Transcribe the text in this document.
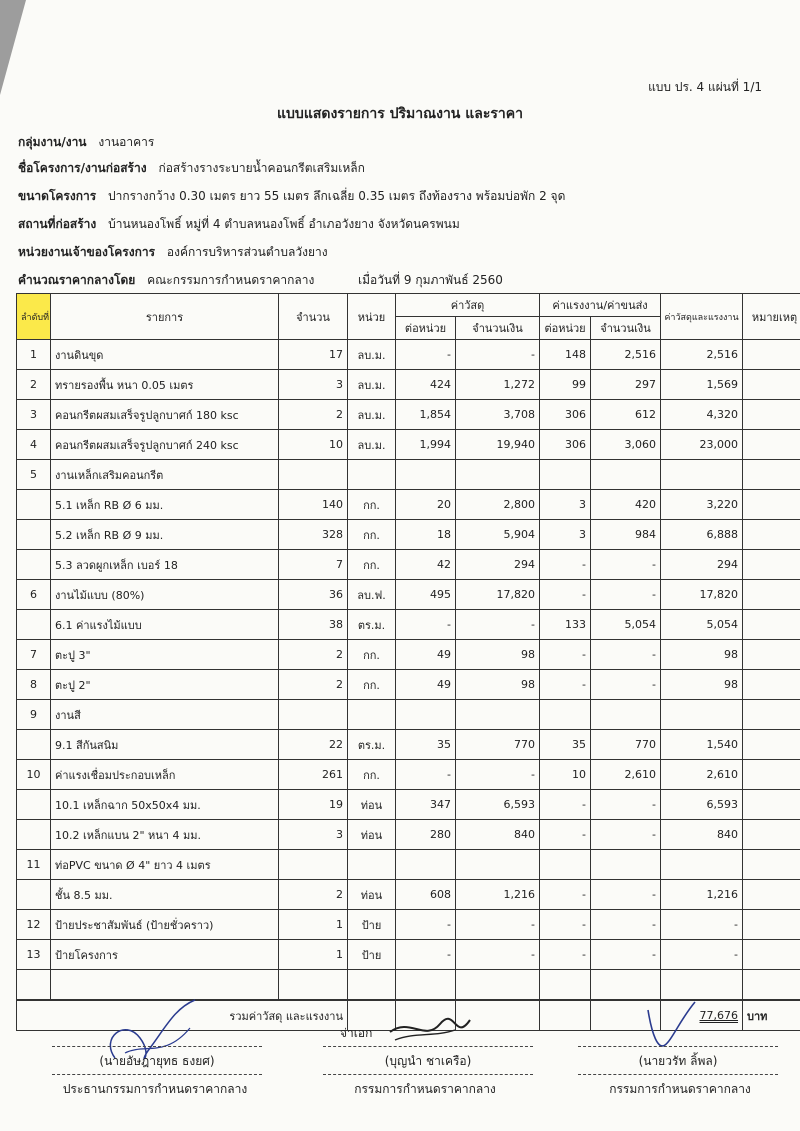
แบบ ปร. 4 แผ่นที่ 1/1
แบบแสดงรายการ ปริมาณงาน และราคา
กลุ่มงาน/งาน งานอาคาร
ชื่อโครงการ/งานก่อสร้าง ก่อสร้างรางระบายน้ำคอนกรีตเสริมเหล็ก
ขนาดโครงการ ปากรางกว้าง 0.30 เมตร ยาว 55 เมตร ลึกเฉลี่ย 0.35 เมตร ถึงท้องราง พร้อมบ่อพัก 2 จุด
สถานที่ก่อสร้าง บ้านหนองโพธิ์ หมู่ที่ 4 ตำบลหนองโพธิ์ อำเภอวังยาง จังหวัดนครพนม
หน่วยงานเจ้าของโครงการ องค์การบริหารส่วนตำบลวังยาง
คำนวณราคากลางโดย คณะกรรมการกำหนดราคากลาง	เมื่อวันที่ 9 กุมภาพันธ์ 2560
ลำดับที่	รายการ	จำนวน	หน่วย	ค่าวัสดุ		ค่าแรงงาน/ค่าขนส่ง		ค่าวัสดุและแรงงาน	หมายเหตุ
				ต่อหน่วย	จำนวนเงิน	ต่อหน่วย	จำนวนเงิน		
1	งานดินขุด	17	ลบ.ม.	-	-	148	2,516	2,516	
2	ทรายรองพื้น หนา 0.05 เมตร	3	ลบ.ม.	424	1,272	99	297	1,569	
3	คอนกรีตผสมเสร็จรูปลูกบาศก์ 180 ksc	2	ลบ.ม.	1,854	3,708	306	612	4,320	
4	คอนกรีตผสมเสร็จรูปลูกบาศก์ 240 ksc	10	ลบ.ม.	1,994	19,940	306	3,060	23,000	
5	งานเหล็กเสริมคอนกรีต								
	5.1 เหล็ก RB Ø 6 มม.	140	กก.	20	2,800	3	420	3,220	
	5.2 เหล็ก RB Ø 9 มม.	328	กก.	18	5,904	3	984	6,888	
	5.3 ลวดผูกเหล็ก เบอร์ 18	7	กก.	42	294	-	-	294	
6	งานไม้แบบ (80%)	36	ลบ.ฟ.	495	17,820	-	-	17,820	
	6.1 ค่าแรงไม้แบบ	38	ตร.ม.	-	-	133	5,054	5,054	
7	ตะปู 3"	2	กก.	49	98	-	-	98	
8	ตะปู 2"	2	กก.	49	98	-	-	98	
9	งานสี								
	9.1 สีกันสนิม	22	ตร.ม.	35	770	35	770	1,540	
10	ค่าแรงเชื่อมประกอบเหล็ก	261	กก.	-	-	10	2,610	2,610	
	10.1 เหล็กฉาก 50x50x4 มม.	19	ท่อน	347	6,593	-	-	6,593	
	10.2 เหล็กแบน 2" หนา 4 มม.	3	ท่อน	280	840	-	-	840	
11	ท่อPVC ขนาด Ø 4" ยาว 4 เมตร								
	ชั้น 8.5 มม.	2	ท่อน	608	1,216	-	-	1,216	
12	ป้ายประชาสัมพันธ์ (ป้ายชั่วคราว)	1	ป้าย	-	-	-	-	-	
13	ป้ายโครงการ	1	ป้าย	-	-	-	-	-	

รวมค่าวัสดุ และแรงงาน								77,676	บาท
จ่าเอก
(นายอัษฎายุทธ ธงยศ)	(บุญนำ ชาเครือ)	(นายวรัท ลิ้พล)
ประธานกรรมการกำหนดราคากลาง	กรรมการกำหนดราคากลาง	กรรมการกำหนดราคากลาง
